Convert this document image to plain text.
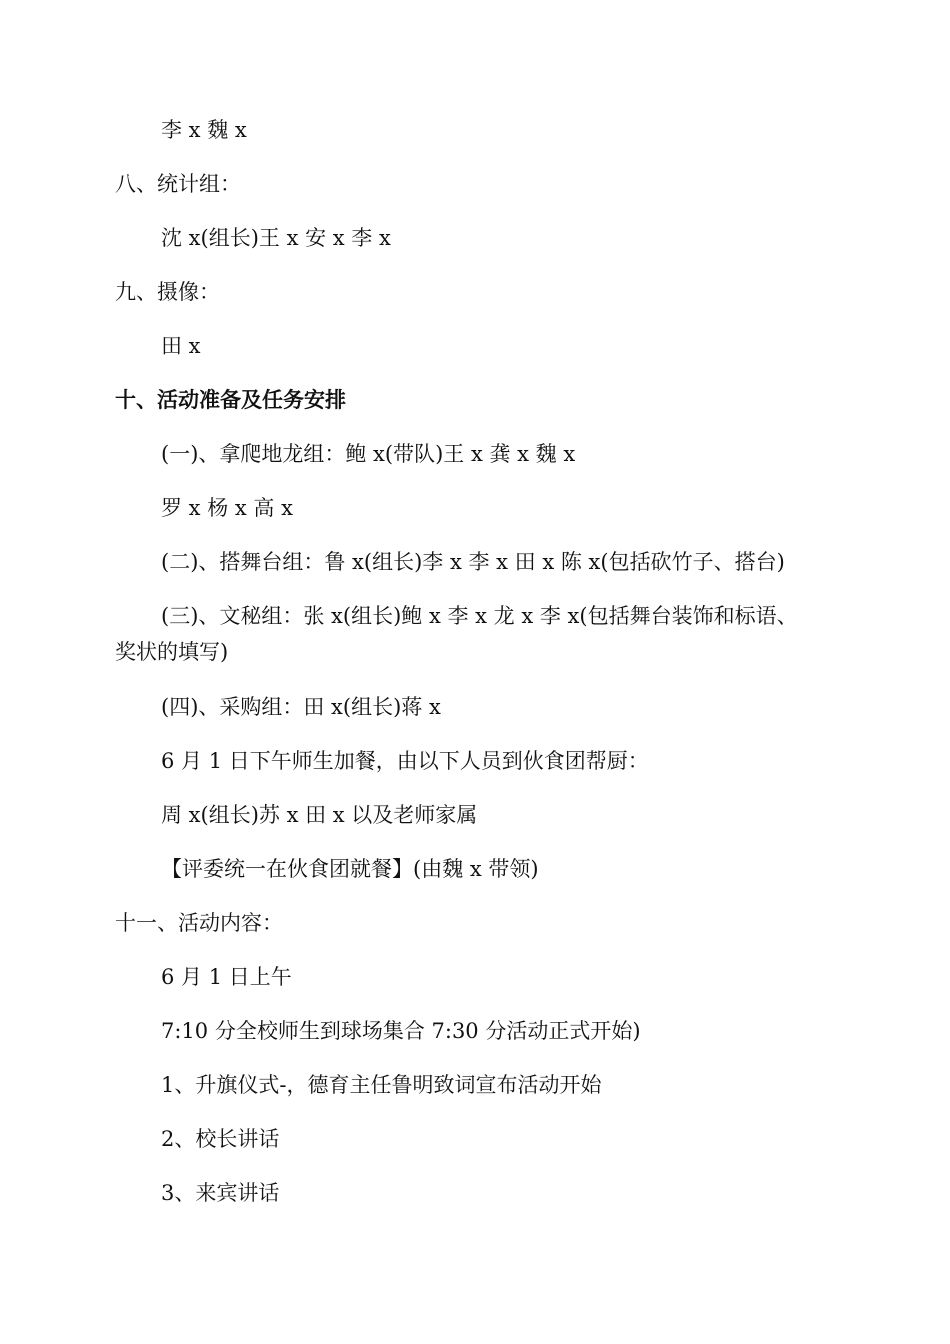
李 x 魏 x

八、统计组：

沈 x(组长)王 x 安 x 李 x

九、摄像：

田 x

十、活动准备及任务安排

(一)、拿爬地龙组：鲍 x(带队)王 x 龚 x 魏 x

罗 x 杨 x 高 x

(二)、搭舞台组：鲁 x(组长)李 x 李 x 田 x 陈 x(包括砍竹子、搭台)

(三)、文秘组：张 x(组长)鲍 x 李 x 龙 x 李 x(包括舞台装饰和标语、

奖状的填写)

(四)、采购组：田 x(组长)蒋 x

6 月 1 日下午师生加餐，由以下人员到伙食团帮厨：

周 x(组长)苏 x 田 x 以及老师家属

【评委统一在伙食团就餐】(由魏 x 带领)

十一、活动内容：

6 月 1 日上午

7:10 分全校师生到球场集合 7:30 分活动正式开始)

1、升旗仪式-，德育主任鲁明致词宣布活动开始

2、校长讲话

3、来宾讲话
